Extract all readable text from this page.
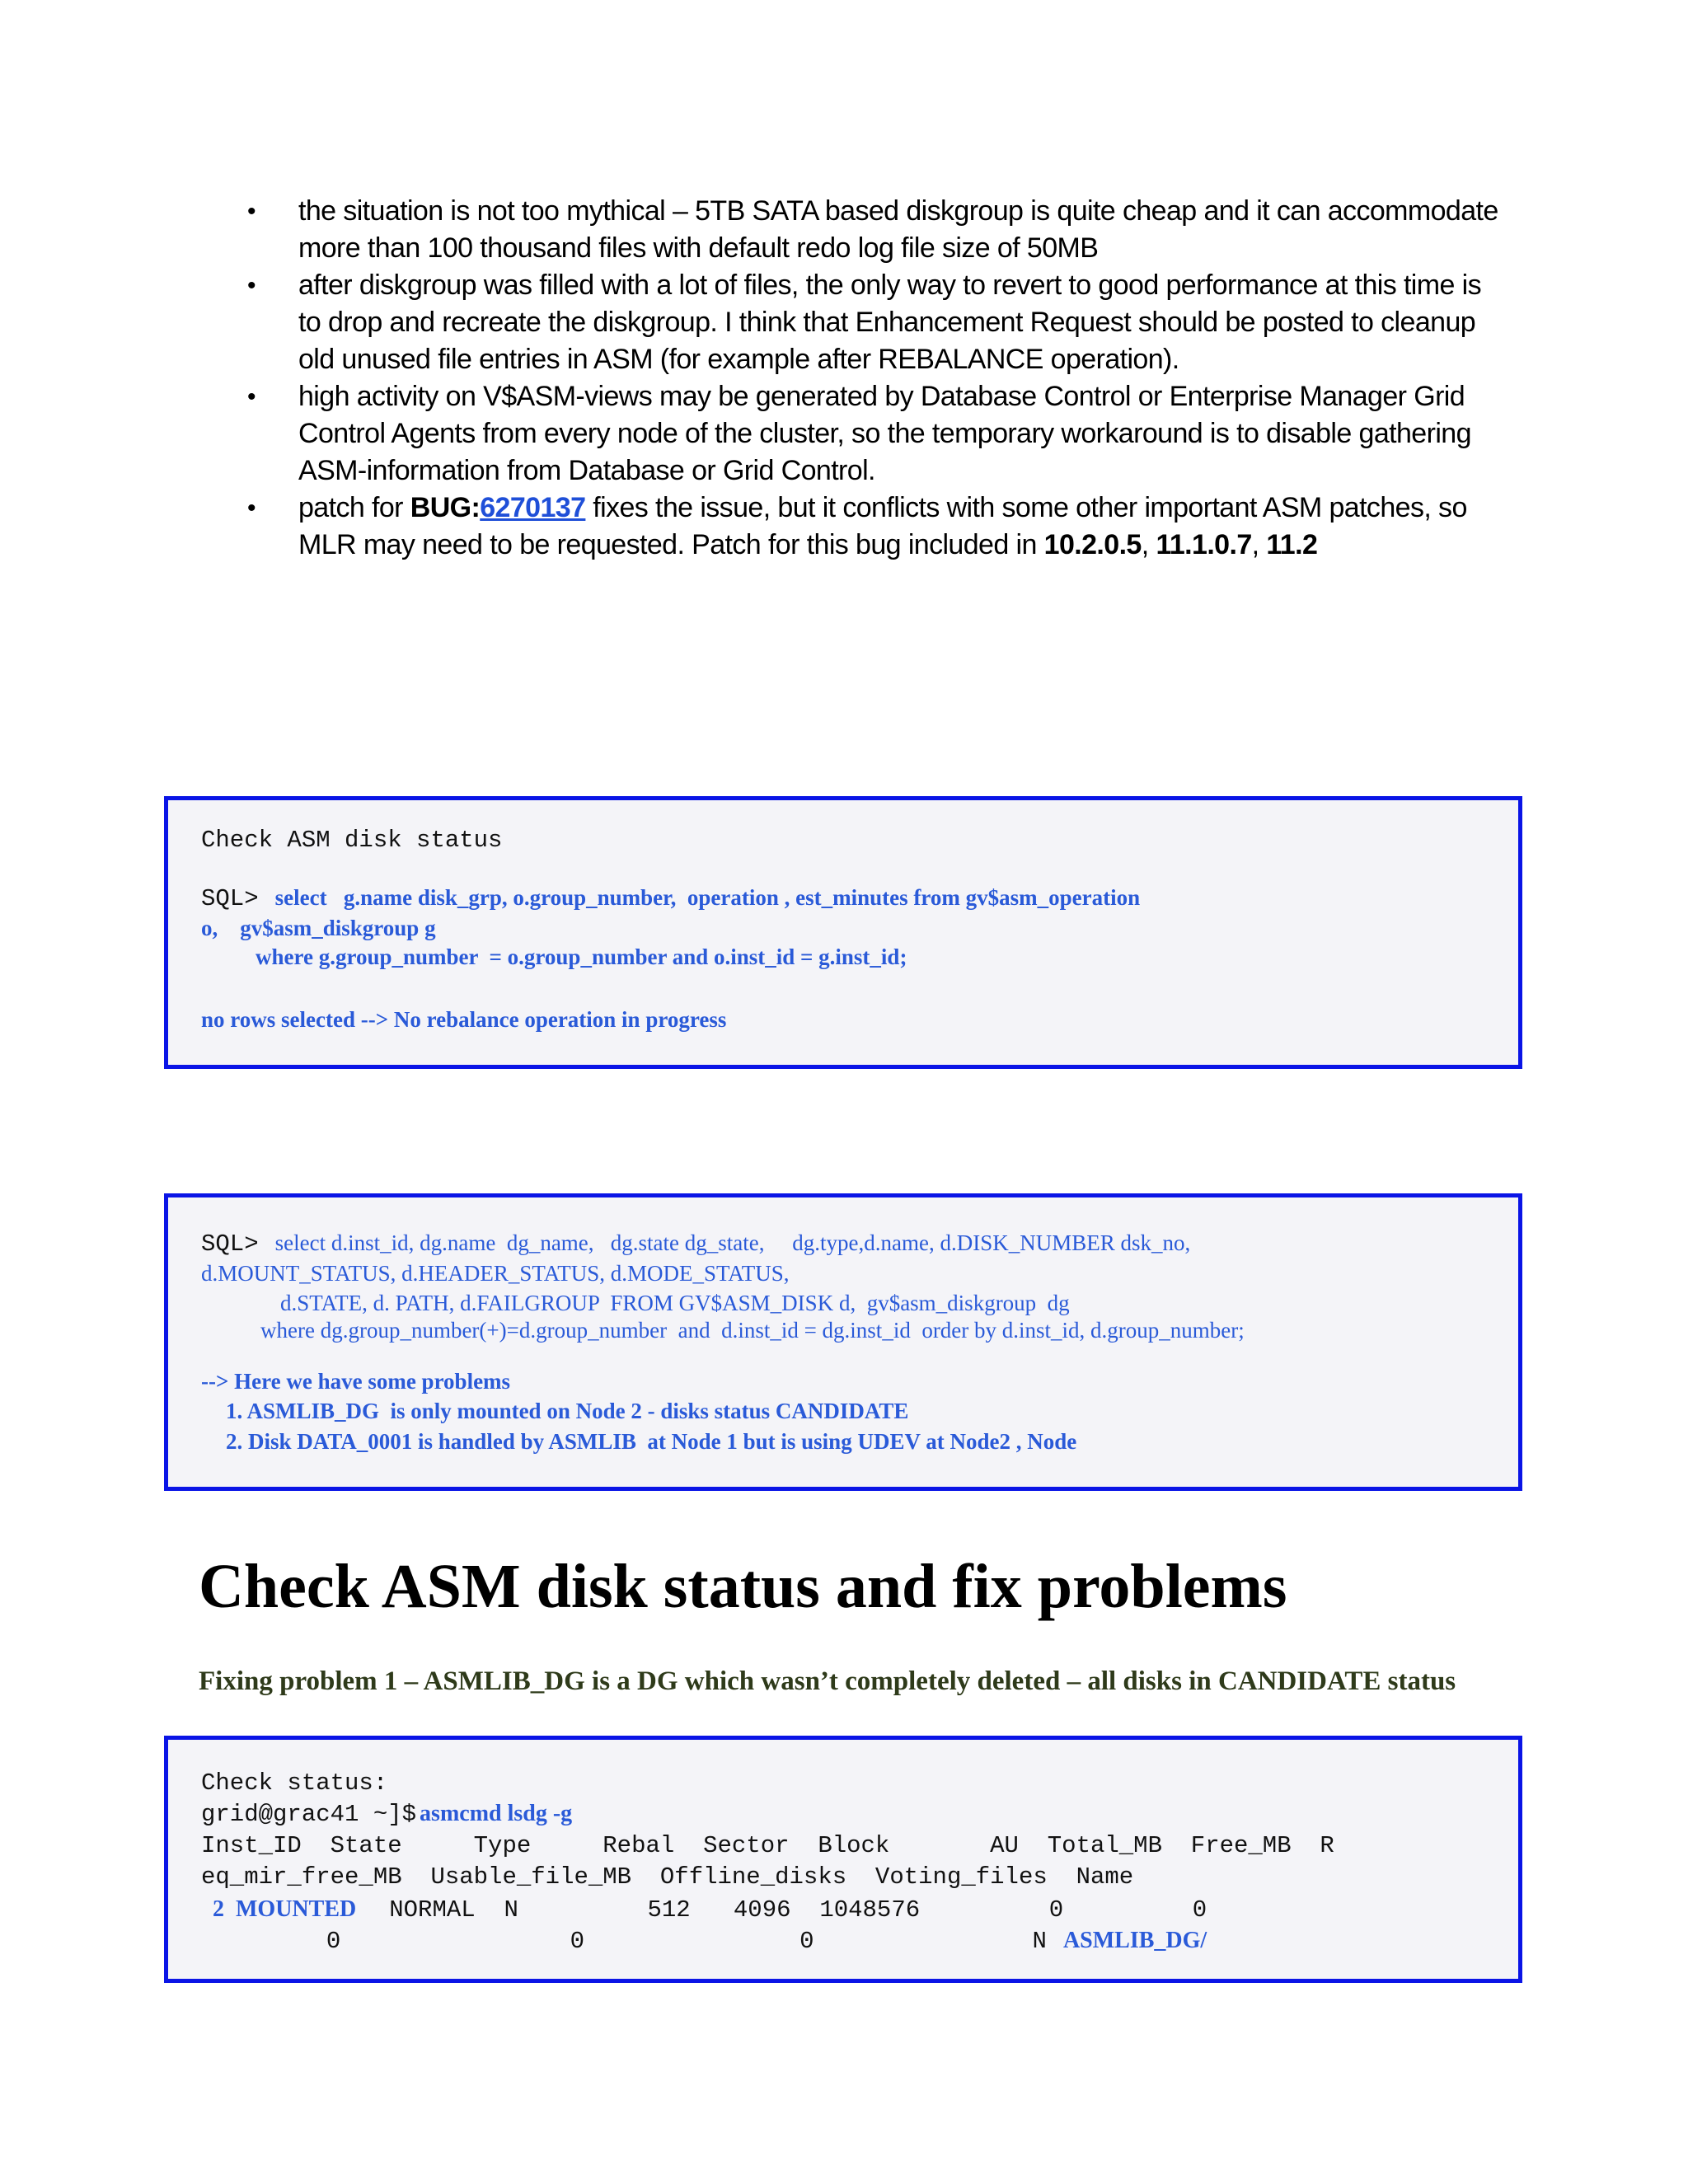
• the situation is not too mythical – 5TB SATA based diskgroup is quite cheap and it can accommodate more than 100 thousand files with default redo log file size of 50MB
• after diskgroup was filled with a lot of files, the only way to revert to good performance at this time is to drop and recreate the diskgroup. I think that Enhancement Request should be posted to cleanup old unused file entries in ASM (for example after REBALANCE operation).
• high activity on V$ASM-views may be generated by Database Control or Enterprise Manager Grid Control Agents from every node of the cluster, so the temporary workaround is to disable gathering ASM-information from Database or Grid Control.
• patch for BUG:6270137 fixes the issue, but it conflicts with some other important ASM patches, so MLR may need to be requested. Patch for this bug included in 10.2.0.5, 11.1.0.7, 11.2
Check ASM disk status
SQL> select   g.name disk_grp, o.group_number,  operation , est_minutes from gv$asm_operation
o,    gv$asm_diskgroup g
where g.group_number  = o.group_number and o.inst_id = g.inst_id;
no rows selected --> No rebalance operation in progress
SQL> select d.inst_id, dg.name  dg_name,   dg.state dg_state,     dg.type,d.name, d.DISK_NUMBER dsk_no,
d.MOUNT_STATUS, d.HEADER_STATUS, d.MODE_STATUS,
d.STATE, d. PATH, d.FAILGROUP  FROM GV$ASM_DISK d,  gv$asm_diskgroup  dg
where dg.group_number(+)=d.group_number  and  d.inst_id = dg.inst_id  order by d.inst_id, d.group_number;
--> Here we have some problems
1. ASMLIB_DG  is only mounted on Node 2 - disks status CANDIDATE
2. Disk DATA_0001 is handled by ASMLIB  at Node 1 but is using UDEV at Node2 , Node
Check ASM disk status and fix problems

Fixing problem 1 – ASMLIB_DG is a DG which wasn’t completely deleted – all disks in CANDIDATE status

Check status:
grid@grac41 ~]$ asmcmd lsdg -g
Inst_ID  State     Type     Rebal  Sector  Block       AU  Total_MB  Free_MB  R
eq_mir_free_MB  Usable_file_MB  Offline_disks  Voting_files  Name
2 MOUNTED NORMAL  N         512   4096  1048576         0         0
0                0               0	N ASMLIB_DG/
